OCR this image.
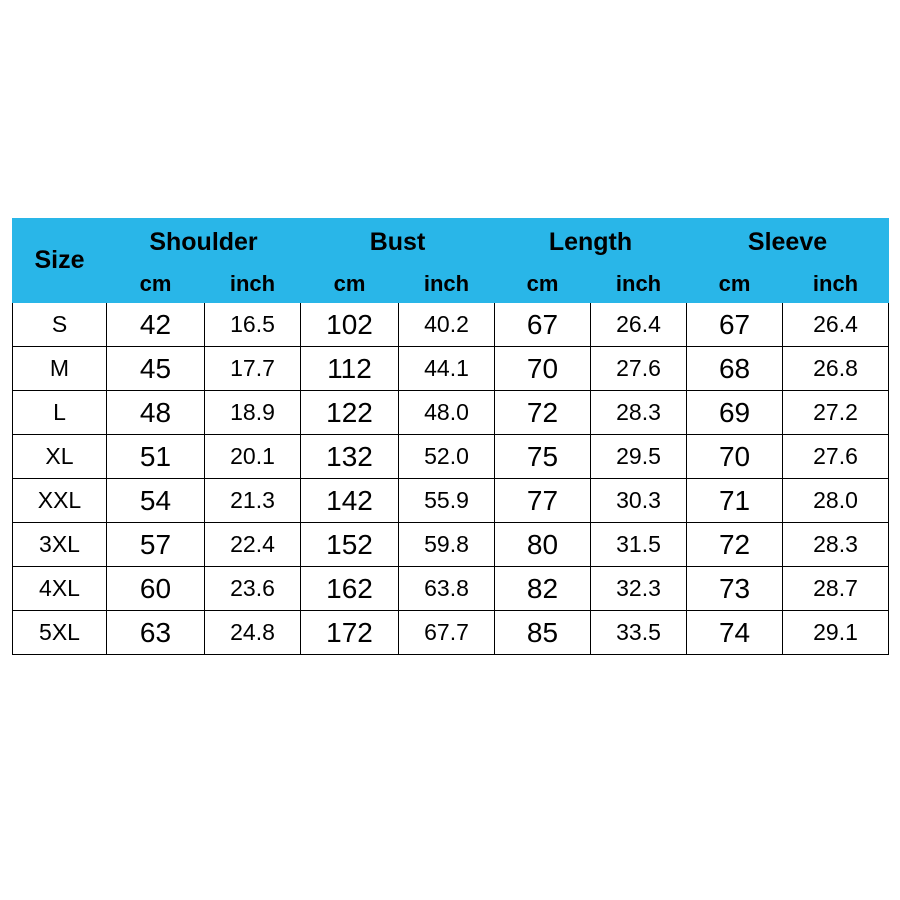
Size	Shoulder		Bust		Length		Sleeve	
	cm	inch	cm	inch	cm	inch	cm	inch
S	42	16.5	102	40.2	67	26.4	67	26.4
M	45	17.7	112	44.1	70	27.6	68	26.8
L	48	18.9	122	48.0	72	28.3	69	27.2
XL	51	20.1	132	52.0	75	29.5	70	27.6
XXL	54	21.3	142	55.9	77	30.3	71	28.0
3XL	57	22.4	152	59.8	80	31.5	72	28.3
4XL	60	23.6	162	63.8	82	32.3	73	28.7
5XL	63	24.8	172	67.7	85	33.5	74	29.1
